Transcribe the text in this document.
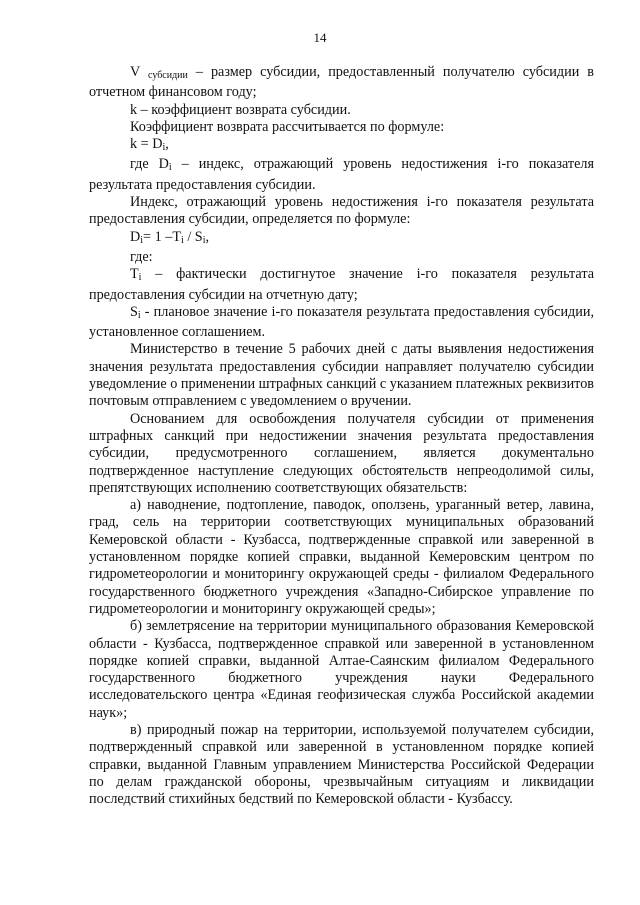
14

V $_{субсидии}$ – размер субсидии, предоставленный получателю субсидии в отчетном финансовом году;

k – коэффициент возврата субсидии.

Коэффициент возврата рассчитывается по формуле:

$k = D_i$,

где $D_i$ – индекс, отражающий уровень недостижения i-го показателя результата предоставления субсидии.

Индекс, отражающий уровень недостижения i-го показателя результата предоставления субсидии, определяется по формуле:

$D_i= 1$ $-T_i / S_i$,

где:

$T_i$ – фактически достигнутое значение i-го показателя результата предоставления субсидии на отчетную дату;

$S_i$ - плановое значение i-го показателя результата предоставления субсидии, установленное соглашением.

Министерство в течение 5 рабочих дней с даты выявления недостижения значения результата предоставления субсидии направляет получателю субсидии уведомление о применении штрафных санкций с указанием платежных реквизитов почтовым отправлением с уведомлением о вручении.

Основанием для освобождения получателя субсидии от применения штрафных санкций при недостижении значения результата предоставления субсидии, предусмотренного соглашением, является документально подтвержденное наступление следующих обстоятельств непреодолимой силы, препятствующих исполнению соответствующих обязательств:

а) наводнение, подтопление, паводок, оползень, ураганный ветер, лавина, град, сель на территории соответствующих муниципальных образований Кемеровской области - Кузбасса, подтвержденные справкой или заверенной в установленном порядке копией справки, выданной Кемеровским центром по гидрометеорологии и мониторингу окружающей среды - филиалом Федерального государственного бюджетного учреждения «Западно-Сибирское управление по гидрометеорологии и мониторингу окружающей среды»;

б) землетрясение на территории муниципального образования Кемеровской области - Кузбасса, подтвержденное справкой или заверенной в установленном порядке копией справки, выданной Алтае-Саянским филиалом Федерального государственного бюджетного учреждения науки Федерального исследовательского центра «Единая геофизическая служба Российской академии наук»;

в) природный пожар на территории, используемой получателем субсидии, подтвержденный справкой или заверенной в установленном порядке копией справки, выданной Главным управлением Министерства Российской Федерации по делам гражданской обороны, чрезвычайным ситуациям и ликвидации последствий стихийных бедствий по Кемеровской области - Кузбассу.
